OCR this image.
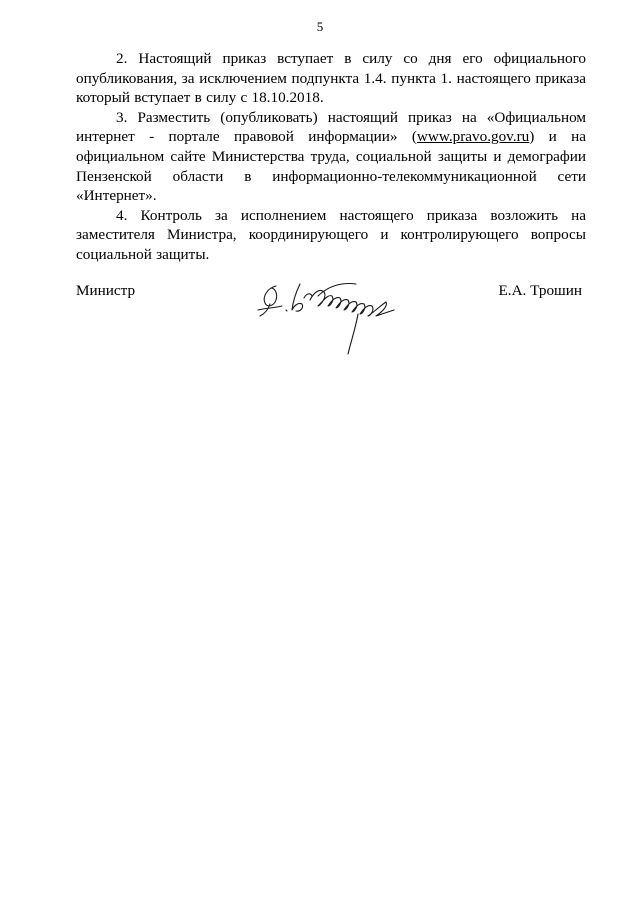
5

2. Настоящий приказ вступает в силу со дня его официального опубликования, за исключением подпункта 1.4. пункта 1. настоящего приказа который вступает в силу с 18.10.2018.

3. Разместить (опубликовать) настоящий приказ на «Официальном интернет - портале правовой информации» (www.pravo.gov.ru) и на официальном сайте Министерства труда, социальной защиты и демографии Пензенской области в информационно-телекоммуникационной сети «Интернет».

4. Контроль за исполнением настоящего приказа возложить на заместителя Министра, координирующего и контролирующего вопросы социальной защиты.

Министр	Е.А. Трошин
